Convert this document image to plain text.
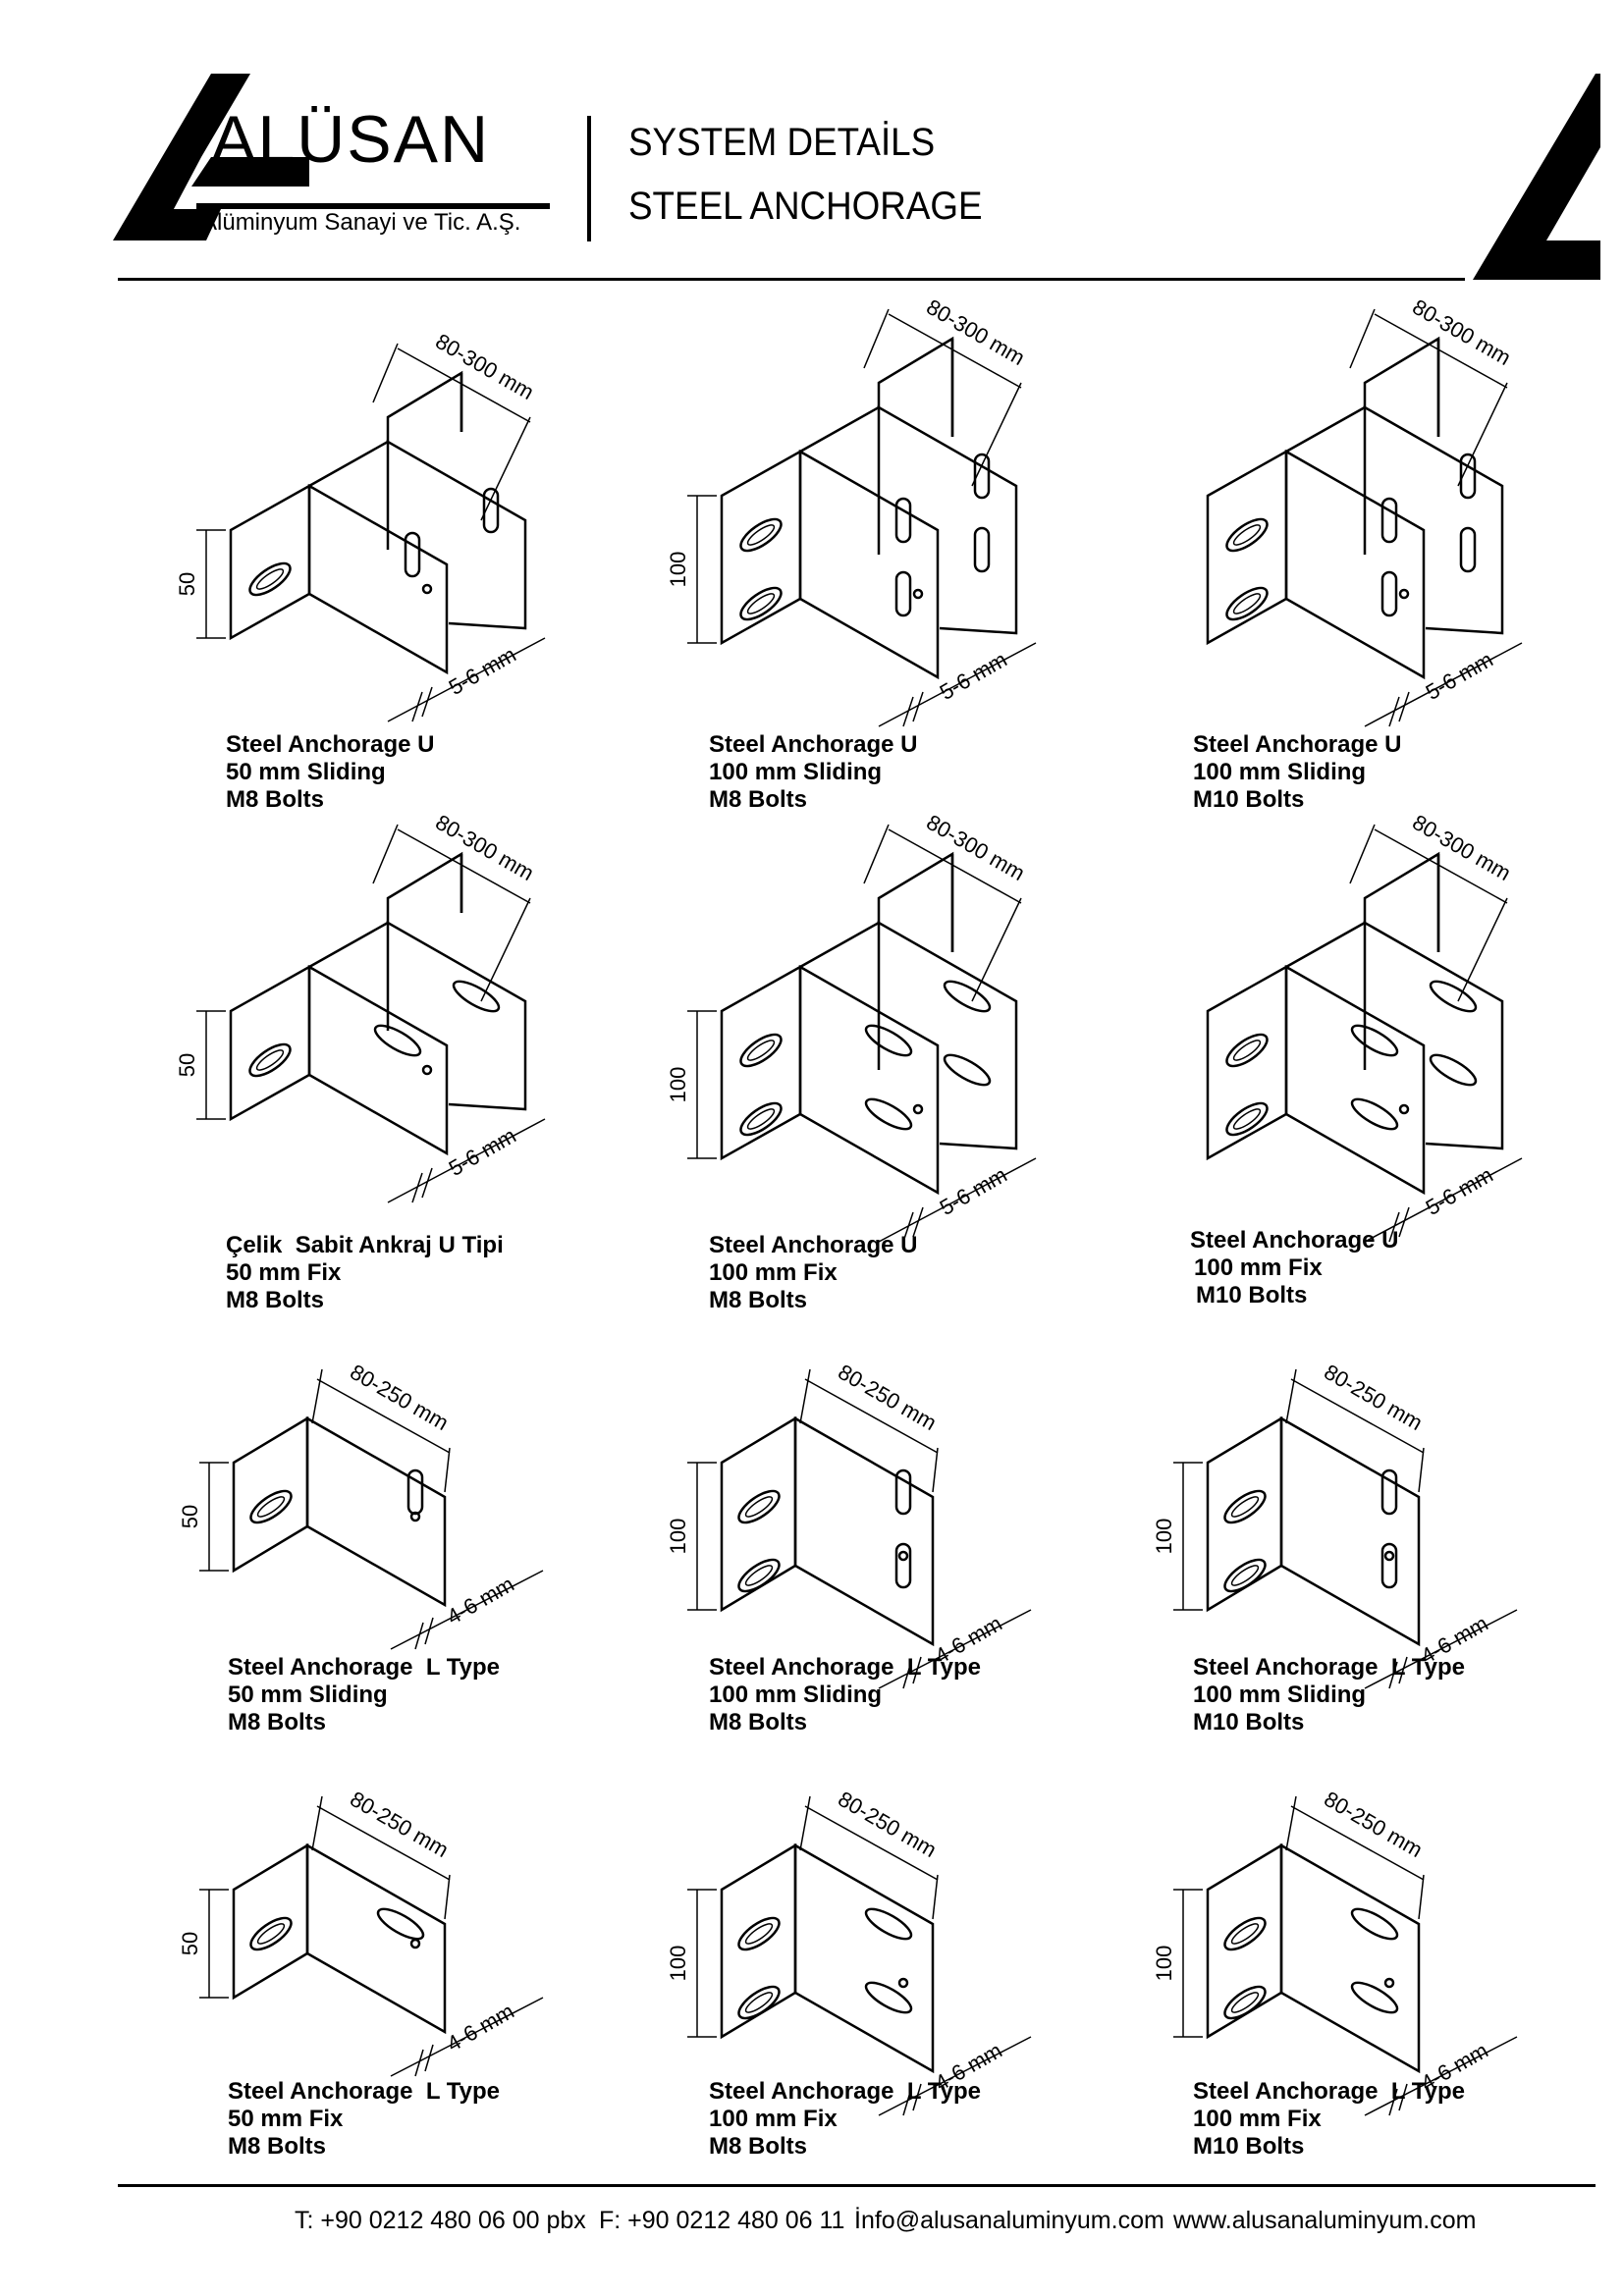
ALÜSAN
Alüminyum Sanayi ve Tic. A.Ş.
SYSTEM DETAİLS
STEEL ANCHORAGE
80-300 mm
50
5-6 mm
80-300 mm
100
5-6 mm
80-300 mm
5-6 mm
80-300 mm
50
5-6 mm
80-300 mm
100
5-6 mm
80-300 mm
5-6 mm
80-250 mm
50
4-6 mm
80-250 mm
100
4-6 mm
80-250 mm
100
4-6 mm
80-250 mm
50
4-6 mm
80-250 mm
100
4-6 mm
80-250 mm
100
4-6 mm
Steel Anchorage U
50 mm Sliding
M8 Bolts
Steel Anchorage U
100 mm Sliding
M8 Bolts
Steel Anchorage U
100 mm Sliding
M10 Bolts
Çelik  Sabit Ankraj U Tipi
50 mm Fix
M8 Bolts
Steel Anchorage U
100 mm Fix
M8 Bolts
Steel Anchorage U
100 mm Fix
M10 Bolts
Steel Anchorage  L Type
50 mm Sliding
M8 Bolts
Steel Anchorage  L Type
100 mm Sliding
M8 Bolts
Steel Anchorage  L Type
100 mm Sliding
M10 Bolts
Steel Anchorage  L Type
50 mm Fix
M8 Bolts
Steel Anchorage  L Type
100 mm Fix
M8 Bolts
Steel Anchorage  L Type
100 mm Fix
M10 Bolts
T: +90 0212 480 06 00 pbx F: +90 0212 480 06 11 İnfo@alusanaluminyum.com www.alusanaluminyum.com
